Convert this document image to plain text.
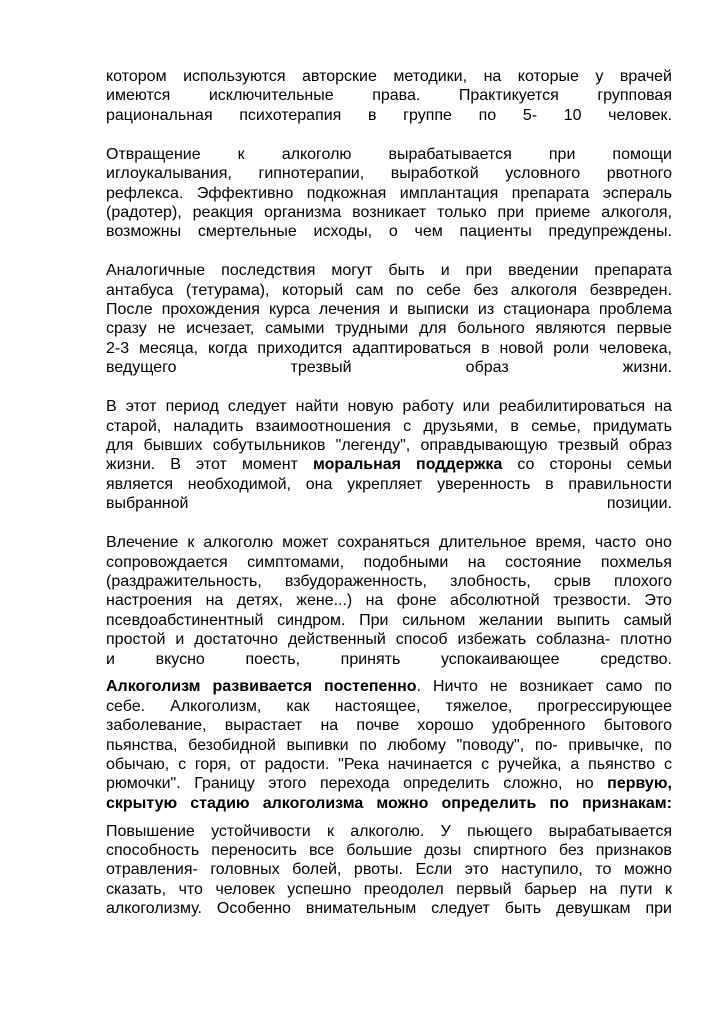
котором используются авторские методики, на которые у врачей
имеются исключительные права. Практикуется групповая
рациональная психотерапия в группе по 5- 10 человек.
Отвращение к алкоголю вырабатывается при помощи
иглоукалывания, гипнотерапии, выработкой условного рвотного
рефлекса. Эффективно подкожная имплантация препарата эспераль
(радотер), реакция организма возникает только при приеме алкоголя,
возможны смертельные исходы, о чем пациенты предупреждены.
Аналогичные последствия могут быть и при введении препарата
антабуса (тетурама), который сам по себе без алкоголя безвреден.
После прохождения курса лечения и выписки из стационара проблема
сразу не исчезает, самыми трудными для больного являются первые
2-3 месяца, когда приходится адаптироваться в новой роли человека,
ведущего	трезвый	образ	жизни.
В этот период следует найти новую работу или реабилитироваться на
старой, наладить взаимоотношения с друзьями, в семье, придумать
для бывших собутыльников "легенду", оправдывающую трезвый образ
жизни. В этот момент моральная поддержка со стороны семьи
является необходимой, она укрепляет уверенность в правильности
выбранной	позиции.
Влечение к алкоголю может сохраняться длительное время, часто оно
сопровождается симптомами, подобными на состояние похмелья
(раздражительность, взбудораженность, злобность, срыв плохого
настроения на детях, жене...) на фоне абсолютной трезвости. Это
псевдоабстинентный синдром. При сильном желании выпить самый
простой и достаточно действенный способ избежать соблазна- плотно
и	вкусно	поесть,	принять	успокаивающее	средство.
Алкоголизм развивается постепенно. Ничто не возникает само по
себе. Алкоголизм, как настоящее, тяжелое, прогрессирующее
заболевание, вырастает на почве хорошо удобренного бытового
пьянства, безобидной выпивки по любому "поводу", по- привычке, по
обычаю, с горя, от радости. "Река начинается с ручейка, а пьянство с
рюмочки". Границу этого перехода определить сложно, но первую,
скрытую стадию алкоголизма можно определить по признакам:
Повышение устойчивости к алкоголю. У пьющего вырабатывается
способность переносить все большие дозы спиртного без признаков
отравления- головных болей, рвоты. Если это наступило, то можно
сказать, что человек успешно преодолел первый барьер на пути к
алкоголизму. Особенно внимательным следует быть девушкам при
